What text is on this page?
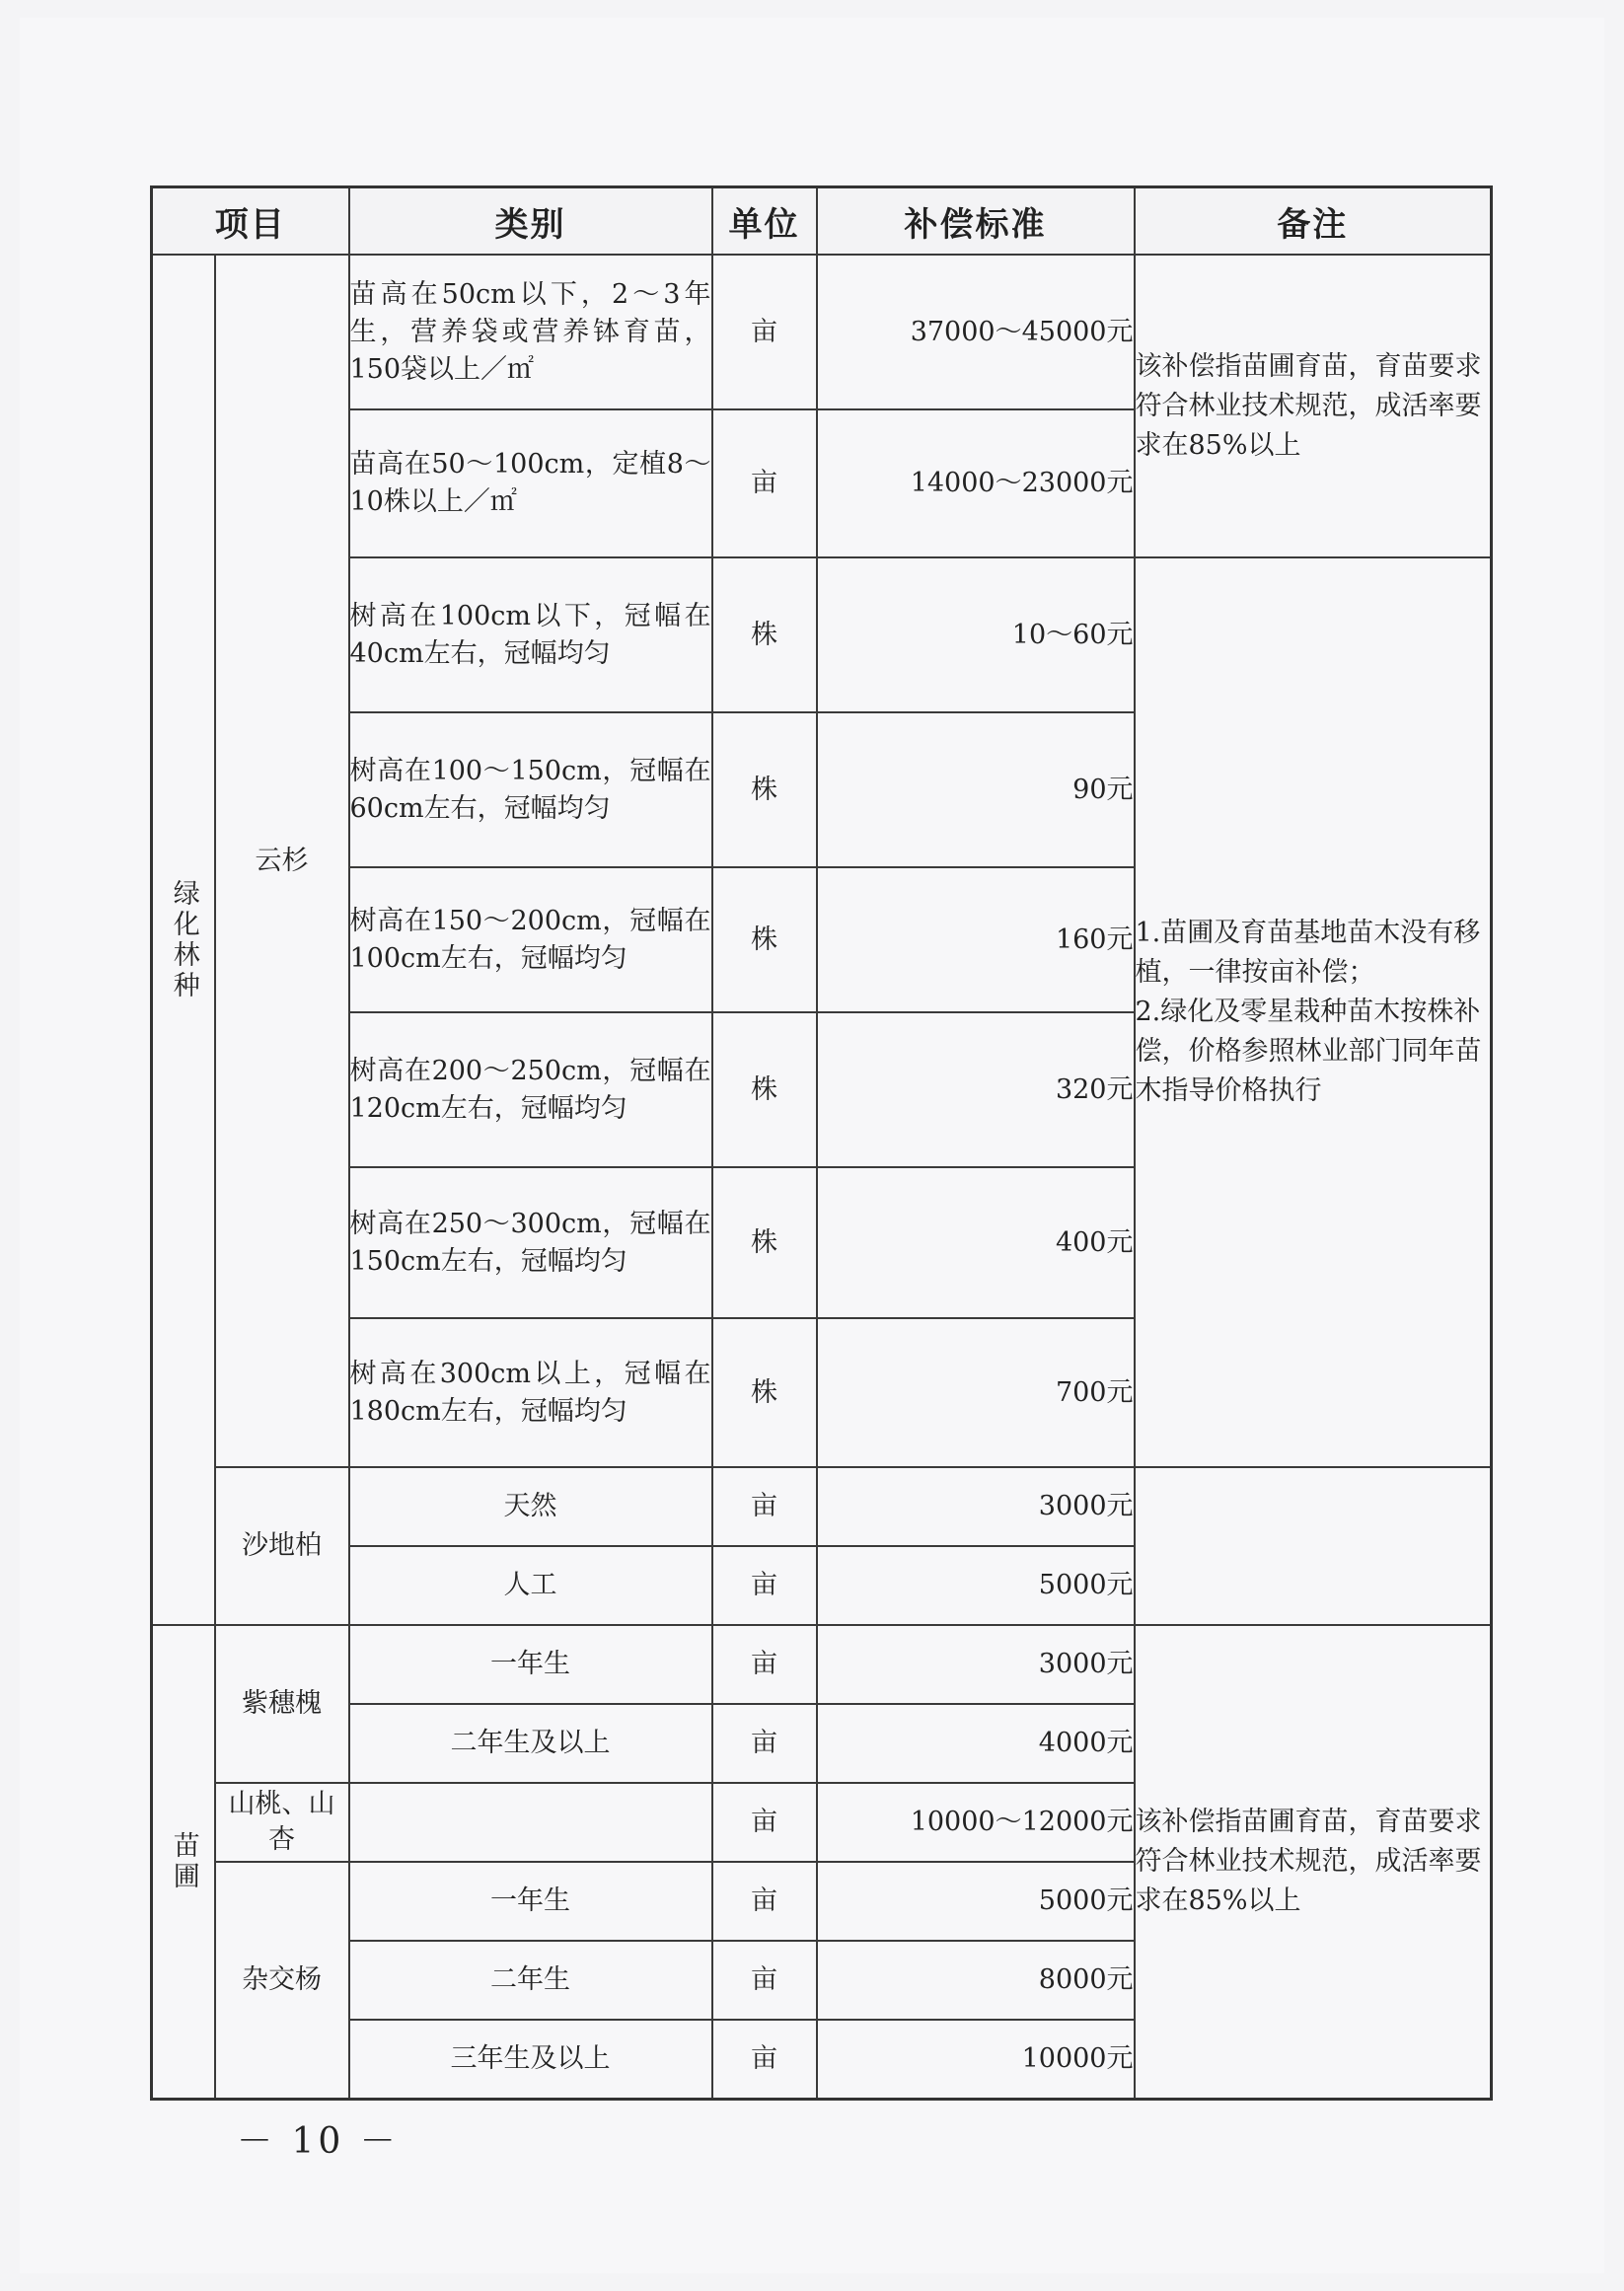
项目		类别	单位	补偿标准	备注

绿化林种	云杉	苗高在50cm以下，2～3年生，营养袋或营养钵育苗，150袋以上／㎡	亩	37000～45000元	该补偿指苗圃育苗，育苗要求符合林业技术规范，成活率要求在85%以上
		苗高在50～100cm，定植8～10株以上／㎡	亩	14000～23000元	
		树高在100cm以下，冠幅在40cm左右，冠幅均匀	株	10～60元	1.苗圃及育苗基地苗木没有移植，一律按亩补偿；
2.绿化及零星栽种苗木按株补偿，价格参照林业部门同年苗木指导价格执行

		树高在100～150cm，冠幅在60cm左右，冠幅均匀	株	90元	
		树高在150～200cm，冠幅在100cm左右，冠幅均匀	株	160元	
		树高在200～250cm，冠幅在120cm左右，冠幅均匀	株	320元	
		树高在250～300cm，冠幅在150cm左右，冠幅均匀	株	400元	
		树高在300cm以上，冠幅在180cm左右，冠幅均匀	株	700元	
	沙地柏	天然	亩	3000元	
		人工	亩	5000元	

苗圃	紫穗槐	一年生	亩	3000元	该补偿指苗圃育苗，育苗要求符合林业技术规范，成活率要求在85%以上
		二年生及以上	亩	4000元	
	山桃、山杏		亩	10000～12000元	
	杂交杨	一年生	亩	5000元	
		二年生	亩	8000元	
		三年生及以上	亩	10000元	
－ 10 －
